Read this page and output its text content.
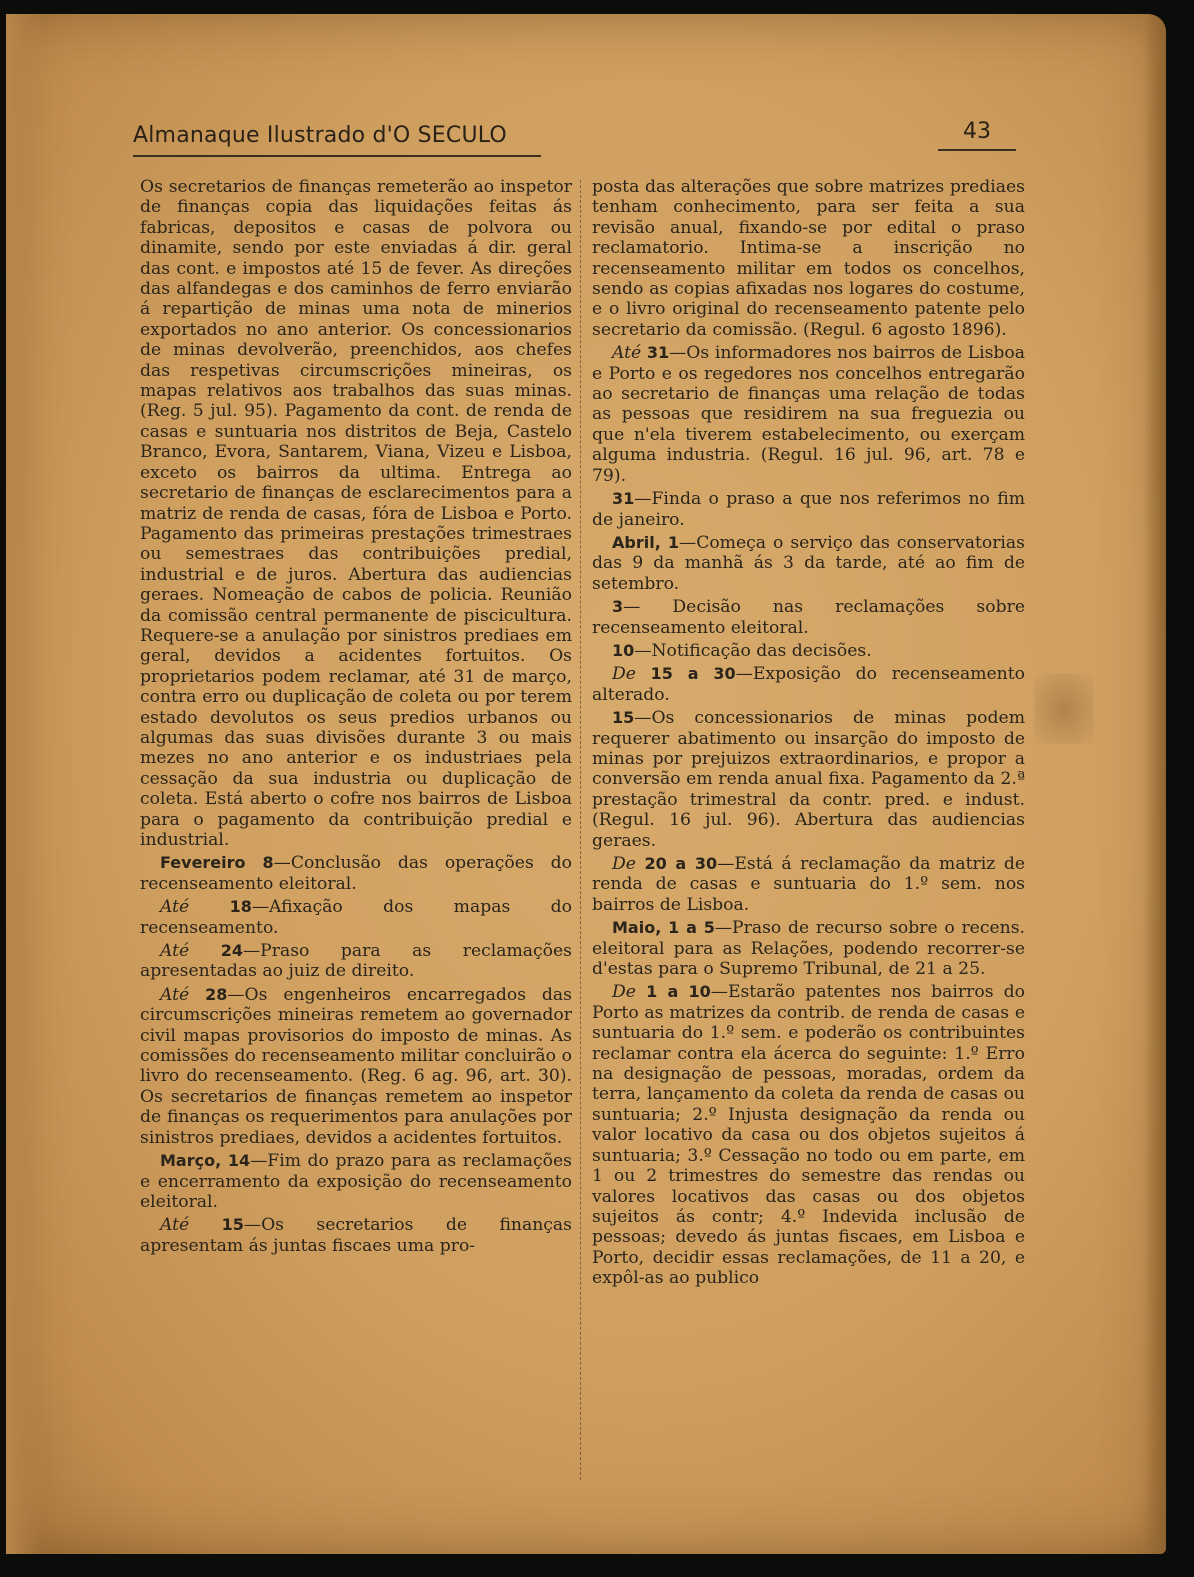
Almanaque Ilustrado d'O SECULO	43

Os secretarios de finanças remeterão ao inspetor de finanças copia das liquidações feitas ás fabricas, depositos e casas de polvora ou dinamite, sendo por este enviadas á dir. geral das cont. e impostos até 15 de fever. As direções das alfandegas e dos caminhos de ferro enviarão á repartição de minas uma nota de minerios exportados no ano anterior. Os concessionarios de minas devolverão, preenchidos, aos chefes das respetivas circumscrições mineiras, os mapas relativos aos trabalhos das suas minas. (Reg. 5 jul. 95). Pagamento da cont. de renda de casas e suntuaria nos distritos de Beja, Castelo Branco, Evora, Santarem, Viana, Vizeu e Lisboa, exceto os bairros da ultima. Entrega ao secretario de finanças de esclarecimentos para a matriz de renda de casas, fóra de Lisboa e Porto. Pagamento das primeiras prestações trimestraes ou semestraes das contribuições predial, industrial e de juros. Abertura das audiencias geraes. Nomeação de cabos de policia. Reunião da comissão central permanente de piscicultura. Requere-se a anulação por sinistros prediaes em geral, devidos a acidentes fortuitos. Os proprietarios podem reclamar, até 31 de março, contra erro ou duplicação de coleta ou por terem estado devolutos os seus predios urbanos ou algumas das suas divisões durante 3 ou mais mezes no ano anterior e os industriaes pela cessação da sua industria ou duplicação de coleta. Está aberto o cofre nos bairros de Lisboa para o pagamento da contribuição predial e industrial.

Fevereiro 8—Conclusão das operações do recenseamento eleitoral.

Até 18—Afixação dos mapas do recenseamento.

Até 24—Praso para as reclamações apresentadas ao juiz de direito.

Até 28—Os engenheiros encarregados das circumscrições mineiras remetem ao governador civil mapas provisorios do imposto de minas. As comissões do recenseamento militar concluirão o livro do recenseamento. (Reg. 6 ag. 96, art. 30). Os secretarios de finanças remetem ao inspetor de finanças os requerimentos para anulações por sinistros prediaes, devidos a acidentes fortuitos.

Março, 14—Fim do prazo para as reclamações e encerramento da exposição do recenseamento eleitoral.

Até 15—Os secretarios de finanças apresentam ás juntas fiscaes uma pro-

posta das alterações que sobre matrizes prediaes tenham conhecimento, para ser feita a sua revisão anual, fixando-se por edital o praso reclamatorio. Intima-se a inscrição no recenseamento militar em todos os concelhos, sendo as copias afixadas nos logares do costume, e o livro original do recenseamento patente pelo secretario da comissão. (Regul. 6 agosto 1896).

Até 31—Os informadores nos bairros de Lisboa e Porto e os regedores nos concelhos entregarão ao secretario de finanças uma relação de todas as pessoas que residirem na sua freguezia ou que n'ela tiverem estabelecimento, ou exerçam alguma industria. (Regul. 16 jul. 96, art. 78 e 79).

31—Finda o praso a que nos referimos no fim de janeiro.

Abril, 1—Começa o serviço das conservatorias das 9 da manhã ás 3 da tarde, até ao fim de setembro.

3— Decisão nas reclamações sobre recenseamento eleitoral.

10—Notificação das decisões.

De 15 a 30—Exposição do recenseamento alterado.

15—Os concessionarios de minas podem requerer abatimento ou insarção do imposto de minas por prejuizos extraordinarios, e propor a conversão em renda anual fixa. Pagamento da 2.ª prestação trimestral da contr. pred. e indust. (Regul. 16 jul. 96). Abertura das audiencias geraes.

De 20 a 30—Está á reclamação da matriz de renda de casas e suntuaria do 1.º sem. nos bairros de Lisboa.

Maio, 1 a 5—Praso de recurso sobre o recens. eleitoral para as Relações, podendo recorrer-se d'estas para o Supremo Tribunal, de 21 a 25.

De 1 a 10—Estarão patentes nos bairros do Porto as matrizes da contrib. de renda de casas e suntuaria do 1.º sem. e poderão os contribuintes reclamar contra ela ácerca do seguinte: 1.º Erro na designação de pessoas, moradas, ordem da terra, lançamento da coleta da renda de casas ou suntuaria; 2.º Injusta designação da renda ou valor locativo da casa ou dos objetos sujeitos á suntuaria; 3.º Cessação no todo ou em parte, em 1 ou 2 trimestres do semestre das rendas ou valores locativos das casas ou dos objetos sujeitos ás contr; 4.º Indevida inclusão de pessoas; devedo ás juntas fiscaes, em Lisboa e Porto, decidir essas reclamações, de 11 a 20, e expôl-as ao publico
